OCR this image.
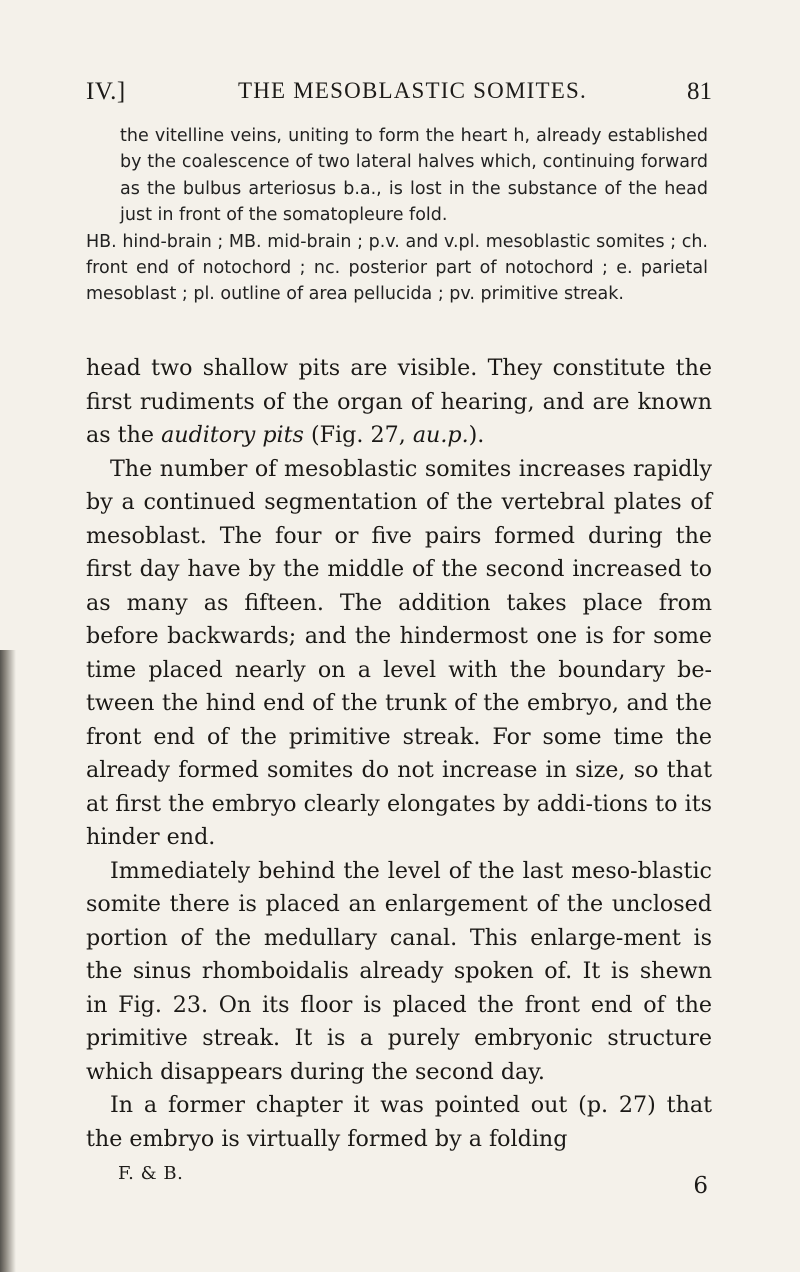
IV.]	THE MESOBLASTIC SOMITES.	81

the vitelline veins, uniting to form the heart h, already established by the coalescence of two lateral halves which, continuing forward as the bulbus arteriosus b.a., is lost in the substance of the head just in front of the somatopleure fold.

HB. hind-brain ; MB. mid-brain ; p.v. and v.pl. mesoblastic somites ; ch. front end of notochord ; nc. posterior part of notochord ; e. parietal mesoblast ; pl. outline of area pellucida ; pv. primitive streak.

head two shallow pits are visible. They constitute the first rudiments of the organ of hearing, and are known as the auditory pits (Fig. 27, au.p.).

The number of mesoblastic somites increases rapidly by a continued segmentation of the vertebral plates of mesoblast. The four or five pairs formed during the first day have by the middle of the second increased to as many as fifteen. The addition takes place from before backwards; and the hindermost one is for some time placed nearly on a level with the boundary be-tween the hind end of the trunk of the embryo, and the front end of the primitive streak. For some time the already formed somites do not increase in size, so that at first the embryo clearly elongates by addi-tions to its hinder end.

Immediately behind the level of the last meso-blastic somite there is placed an enlargement of the unclosed portion of the medullary canal. This enlarge-ment is the sinus rhomboidalis already spoken of. It is shewn in Fig. 23. On its floor is placed the front end of the primitive streak. It is a purely embryonic structure which disappears during the second day.

In a former chapter it was pointed out (p. 27) that the embryo is virtually formed by a folding

F. & B.	6
